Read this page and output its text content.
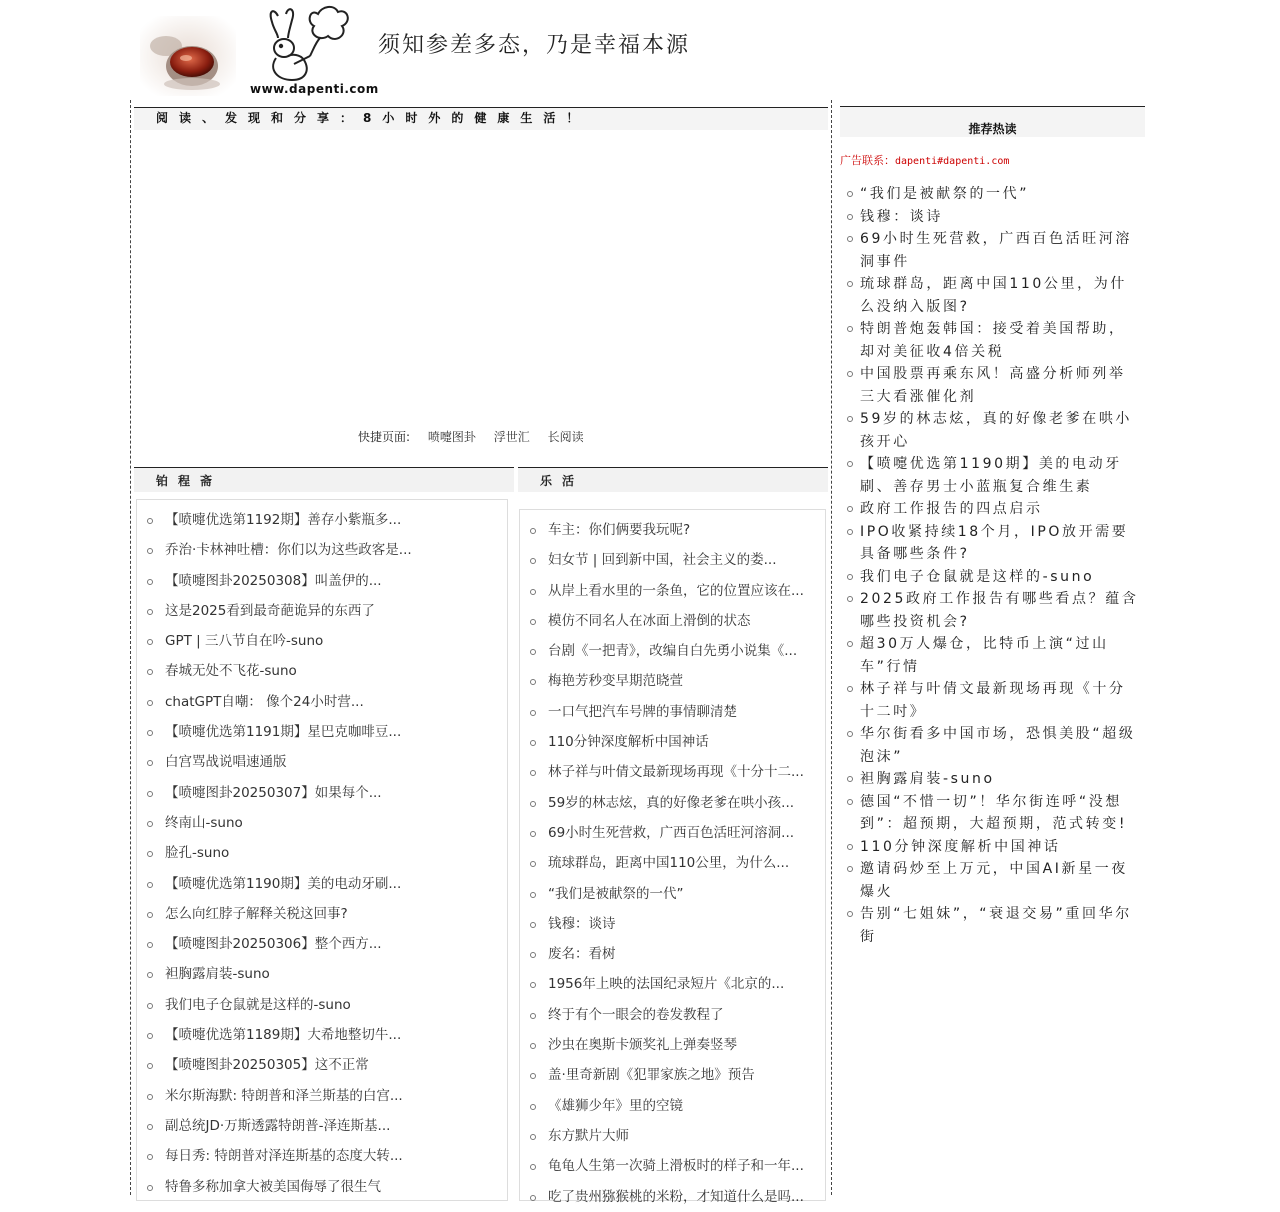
www.dapenti.com
须知参差多态，乃是幸福本源
阅读、发现和分享：8小时外的健康生活！
快捷页面: 喷嚏图卦 浮世汇 长阅读
铂程斋	乐活
【喷嚏优选第1192期】善存小紫瓶多...
乔治·卡林神吐槽：你们以为这些政客是...
【喷嚏图卦20250308】叫盖伊的...
这是2025看到最奇葩诡异的东西了
GPT | 三八节自在吟-suno
春城无处不飞花-suno
chatGPT自嘲： 像个24小时营...
【喷嚏优选第1191期】星巴克咖啡豆...
白宫骂战说唱速通版
【喷嚏图卦20250307】如果每个...
终南山-suno
脸孔-suno
【喷嚏优选第1190期】美的电动牙刷...
怎么向红脖子解释关税这回事?
【喷嚏图卦20250306】整个西方...
袒胸露肩装-suno
我们电子仓鼠就是这样的-suno
【喷嚏优选第1189期】大希地整切牛...
【喷嚏图卦20250305】这不正常
米尔斯海默: 特朗普和泽兰斯基的白宫...
副总统JD·万斯透露特朗普-泽连斯基...
每日秀: 特朗普对泽连斯基的态度大转...
特鲁多称加拿大被美国侮辱了很生气
车主：你们俩要我玩呢?
妇女节 | 回到新中国，社会主义的娄...
从岸上看水里的一条鱼，它的位置应该在...
模仿不同名人在冰面上滑倒的状态
台剧《一把青》，改编自白先勇小说集《...
梅艳芳秒变早期范晓萱
一口气把汽车号牌的事情聊清楚
110分钟深度解析中国神话
林子祥与叶倩文最新现场再现《十分十二...
59岁的林志炫，真的好像老爹在哄小孩...
69小时生死营救，广西百色活旺河溶洞...
琉球群岛，距离中国110公里，为什么...
“我们是被献祭的一代”
钱穆：谈诗
废名：看树
1956年上映的法国纪录短片《北京的...
终于有个一眼会的卷发教程了
沙虫在奥斯卡颁奖礼上弹奏竖琴
盖·里奇新剧《犯罪家族之地》预告
《雄狮少年》里的空镜
东方默片大师
龟龟人生第一次骑上滑板时的样子和一年...
吃了贵州猕猴桃的米粉，才知道什么是吗...
推荐热读
广告联系：dapenti#dapenti.com
“我们是被献祭的一代”
钱穆：谈诗
69小时生死营救，广西百色活旺河溶洞事件
琉球群岛，距离中国110公里，为什么没纳入版图?
特朗普炮轰韩国：接受着美国帮助，却对美征收4倍关税
中国股票再乘东风！高盛分析师列举三大看涨催化剂
59岁的林志炫，真的好像老爹在哄小孩开心
【喷嚏优选第1190期】美的电动牙刷、善存男士小蓝瓶复合维生素
政府工作报告的四点启示
IPO收紧持续18个月，IPO放开需要具备哪些条件?
我们电子仓鼠就是这样的-suno
2025政府工作报告有哪些看点？蕴含哪些投资机会?
超30万人爆仓，比特币上演“过山车”行情
林子祥与叶倩文最新现场再现《十分十二吋》
华尔街看多中国市场，恐惧美股“超级泡沫”
袒胸露肩装-suno
德国“不惜一切”！华尔街连呼“没想到”：超预期，大超预期，范式转变!
110分钟深度解析中国神话
邀请码炒至上万元，中国AI新星一夜爆火
告别“七姐妹”，“衰退交易”重回华尔街
